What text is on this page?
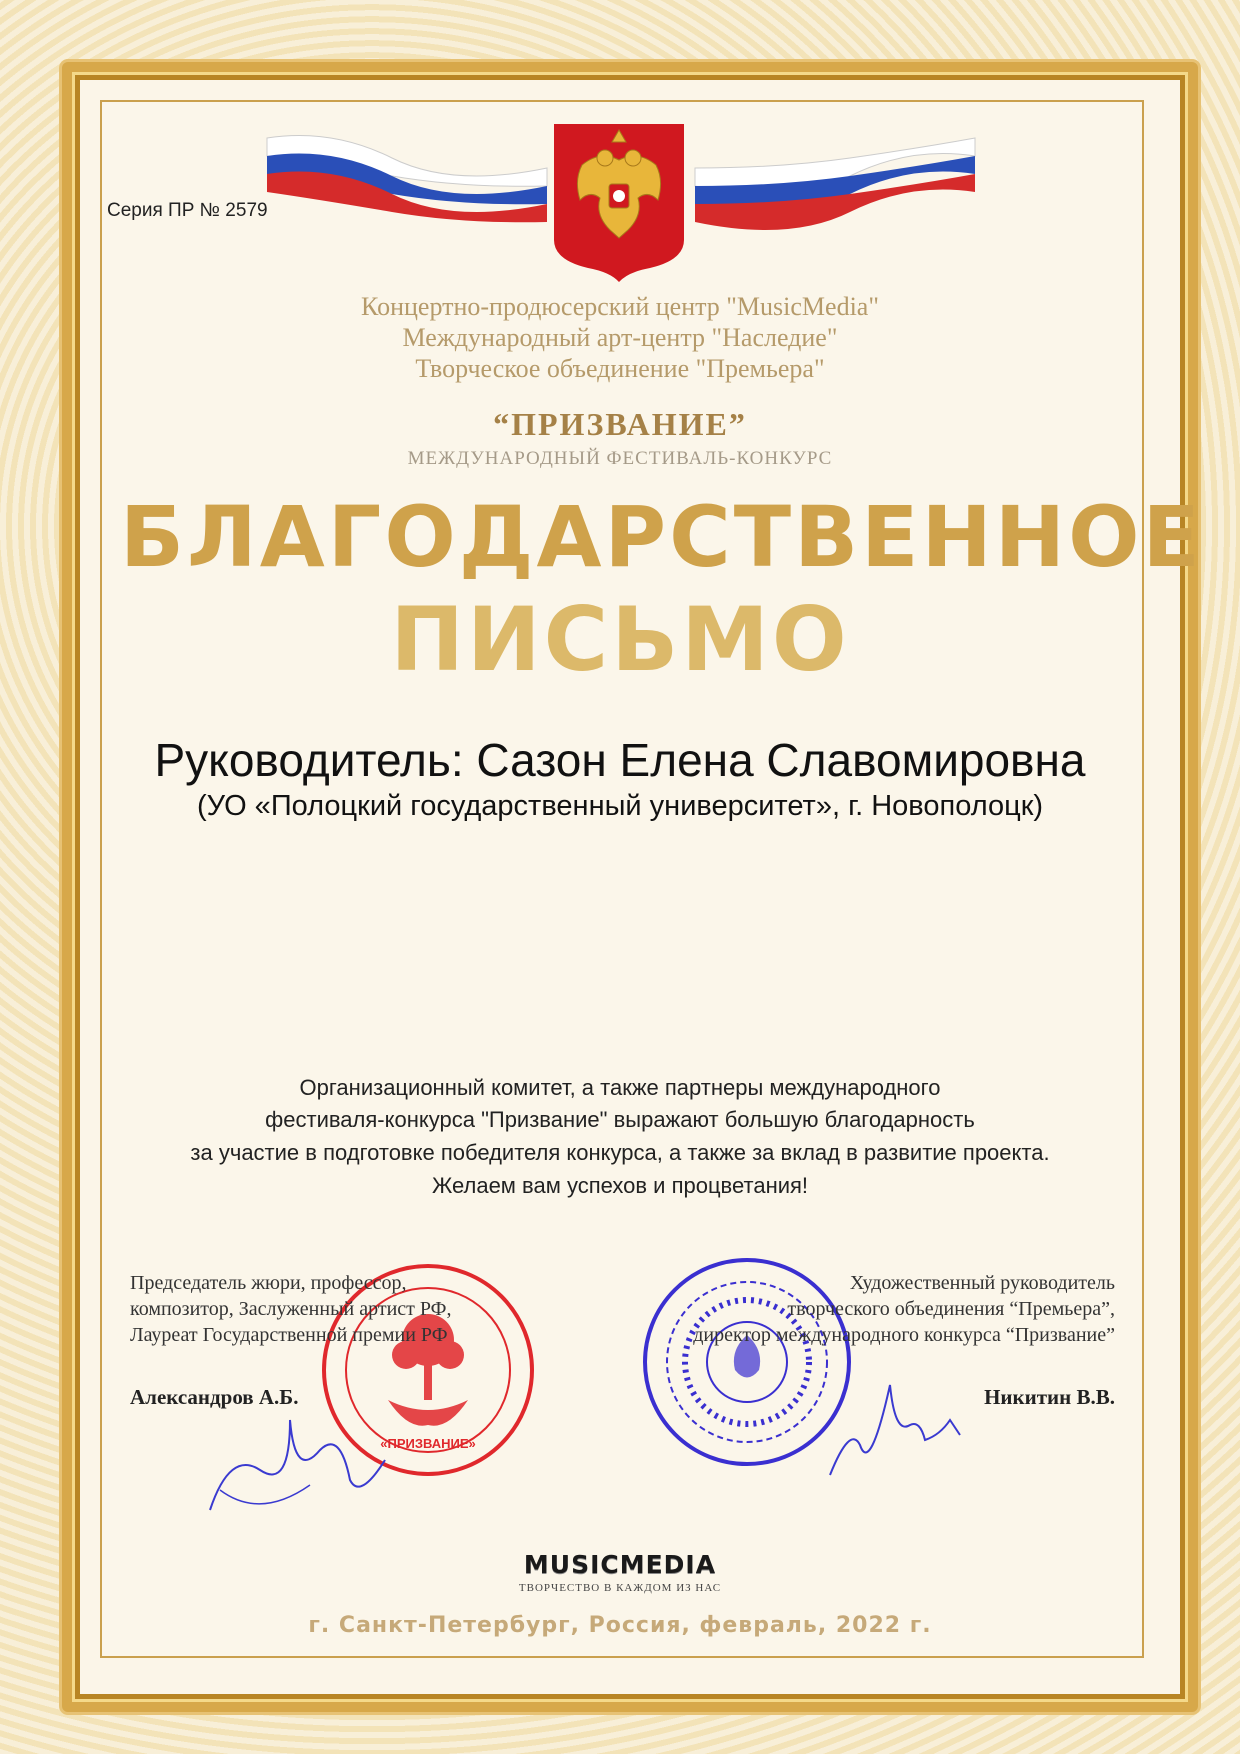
Серия ПР № 2579
Концертно-продюсерский центр "MusicMedia"
Международный арт-центр "Наследие"
Творческое объединение "Премьера"
“ПРИЗВАНИЕ”
МЕЖДУНАРОДНЫЙ ФЕСТИВАЛЬ-КОНКУРС
БЛАГОДАРСТВЕННОЕ
ПИСЬМО
Руководитель: Сазон Елена Славомировна
(УО «Полоцкий государственный университет», г. Новополоцк)
Организационный комитет, а также партнеры международного
фестиваля-конкурса "Призвание" выражают большую благодарность
за участие в подготовке победителя конкурса, а также за вклад в развитие проекта.
Желаем вам успехов и процветания!
«ПРИЗВАНИЕ»
Председатель жюри, профессор,
композитор, Заслуженный артист РФ,
Лауреат Государственной премии РФ
Художественный руководитель
творческого объединения “Премьера”,
директор международного конкурса “Призвание”
Александров А.Б.	Никитин В.В.
MUSICMEDIA
ТВОРЧЕСТВО В КАЖДОМ ИЗ НАС
г. Санкт-Петербург, Россия, февраль, 2022 г.
